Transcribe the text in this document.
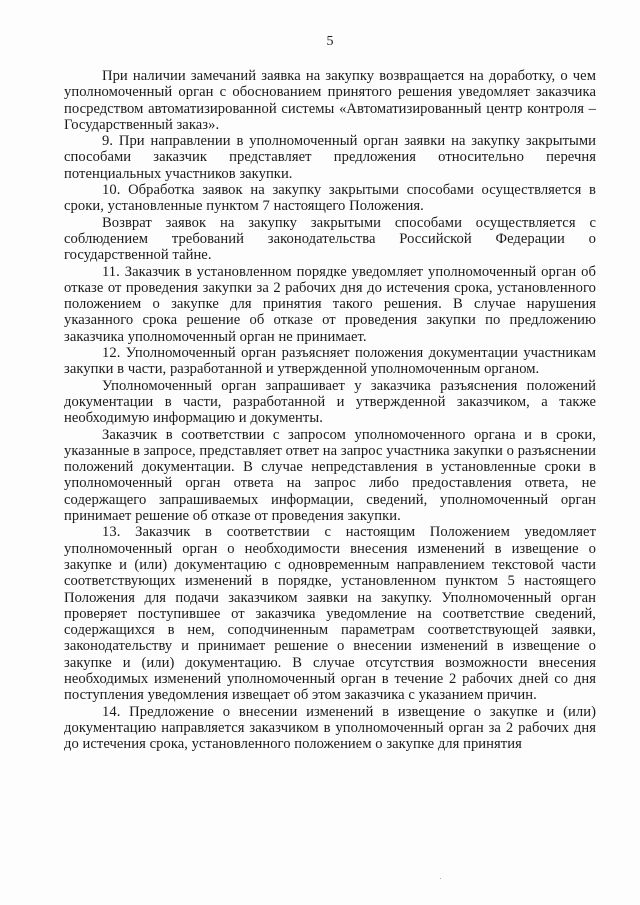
5

При наличии замечаний заявка на закупку возвращается на доработку, о чем уполномоченный орган с обоснованием принятого решения уведомляет заказчика посредством автоматизированной системы «Автоматизированный центр контроля – Государственный заказ».

9. При направлении в уполномоченный орган заявки на закупку закрытыми способами заказчик представляет предложения относительно перечня потенциальных участников закупки.

10. Обработка заявок на закупку закрытыми способами осуществляется в сроки, установленные пунктом 7 настоящего Положения.

Возврат заявок на закупку закрытыми способами осуществляется с соблюдением требований законодательства Российской Федерации о государственной тайне.

11. Заказчик в установленном порядке уведомляет уполномоченный орган об отказе от проведения закупки за 2 рабочих дня до истечения срока, установленного положением о закупке для принятия такого решения. В случае нарушения указанного срока решение об отказе от проведения закупки по предложению заказчика уполномоченный орган не принимает.

12. Уполномоченный орган разъясняет положения документации участникам закупки в части, разработанной и утвержденной уполномоченным органом.

Уполномоченный орган запрашивает у заказчика разъяснения положений документации в части, разработанной и утвержденной заказчиком, а также необходимую информацию и документы.

Заказчик в соответствии с запросом уполномоченного органа и в сроки, указанные в запросе, представляет ответ на запрос участника закупки о разъяснении положений документации. В случае непредставления в установленные сроки в уполномоченный орган ответа на запрос либо предоставления ответа, не содержащего запрашиваемых информации, сведений, уполномоченный орган принимает решение об отказе от проведения закупки.

13. Заказчик в соответствии с настоящим Положением уведомляет уполномоченный орган о необходимости внесения изменений в извещение о закупке и (или) документацию с одновременным направлением текстовой части соответствующих изменений в порядке, установленном пунктом 5 настоящего Положения для подачи заказчиком заявки на закупку. Уполномоченный орган проверяет поступившее от заказчика уведомление на соответствие сведений, содержащихся в нем, соподчиненным параметрам соответствующей заявки, законодательству и принимает решение о внесении изменений в извещение о закупке и (или) документацию. В случае отсутствия возможности внесения необходимых изменений уполномоченный орган в течение 2 рабочих дней со дня поступления уведомления извещает об этом заказчика с указанием причин.

14. Предложение о внесении изменений в извещение о закупке и (или) документацию направляется заказчиком в уполномоченный орган за 2 рабочих дня до истечения срока, установленного положением о закупке для принятия
